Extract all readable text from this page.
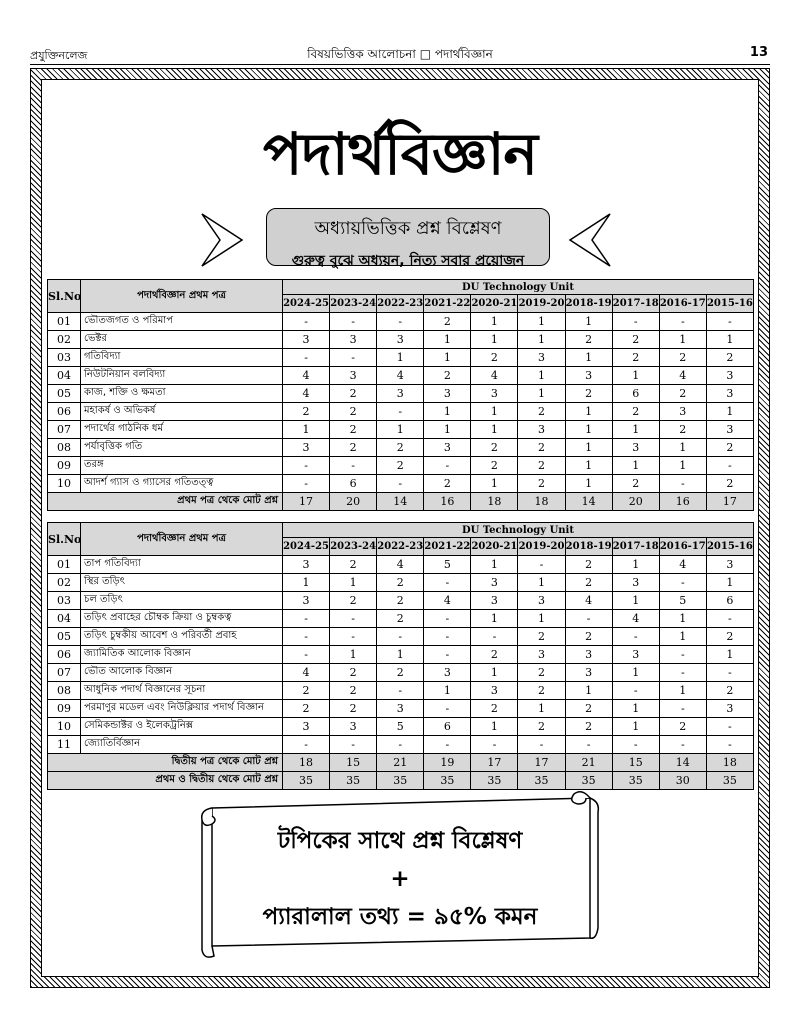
প্রযুক্তিনলেজ	বিষয়ভিত্তিক আলোচনা □ পদার্থবিজ্ঞান	13
পদার্থবিজ্ঞান
অধ্যায়ভিত্তিক প্রশ্ন বিশ্লেষণ
গুরুত্ব বুঝে অধ্যয়ন, নিত্য সবার প্রয়োজন
Sl.No	পদার্থবিজ্ঞান প্রথম পত্র	DU Technology Unit									
		2024-25	2023-24	2022-23	2021-22	2020-21	2019-20	2018-19	2017-18	2016-17	2015-16
01	ভৌতজগত ও পরিমাপ	-	-	-	2	1	1	1	-	-	-
02	ভেক্টর	3	3	3	1	1	1	2	2	1	1
03	গতিবিদ্যা	-	-	1	1	2	3	1	2	2	2
04	নিউটনিয়ান বলবিদ্যা	4	3	4	2	4	1	3	1	4	3
05	কাজ, শক্তি ও ক্ষমতা	4	2	3	3	3	1	2	6	2	3
06	মহাকর্ষ ও অভিকর্ষ	2	2	-	1	1	2	1	2	3	1
07	পদার্থের গাঠনিক ধর্ম	1	2	1	1	1	3	1	1	2	3
08	পর্যাবৃত্তিক গতি	3	2	2	3	2	2	1	3	1	2
09	তরঙ্গ	-	-	2	-	2	2	1	1	1	-
10	আদর্শ গ্যাস ও গ্যাসের গতিতত্ত্ব	-	6	-	2	1	2	1	2	-	2
প্রথম পত্র থেকে মোট প্রশ্ন		17	20	14	16	18	18	14	20	16	17
Sl.No	পদার্থবিজ্ঞান প্রথম পত্র	DU Technology Unit									
		2024-25	2023-24	2022-23	2021-22	2020-21	2019-20	2018-19	2017-18	2016-17	2015-16
01	তাপ গতিবিদ্যা	3	2	4	5	1	-	2	1	4	3
02	স্থির তড়িৎ	1	1	2	-	3	1	2	3	-	1
03	চল তড়িৎ	3	2	2	4	3	3	4	1	5	6
04	তড়িৎ প্রবাহের চৌম্বক ক্রিয়া ও চুম্বকত্ব	-	-	2	-	1	1	-	4	1	-
05	তড়িৎ চুম্বকীয় আবেশ ও পরিবর্তী প্রবাহ	-	-	-	-	-	2	2	-	1	2
06	জ্যামিতিক আলোক বিজ্ঞান	-	1	1	-	2	3	3	3	-	1
07	ভৌত আলোক বিজ্ঞান	4	2	2	3	1	2	3	1	-	-
08	আধুনিক পদার্থ বিজ্ঞানের সূচনা	2	2	-	1	3	2	1	-	1	2
09	পরমাণুর মডেল এবং নিউক্লিয়ার পদার্থ বিজ্ঞান	2	2	3	-	2	1	2	1	-	3
10	সেমিকন্ডাক্টর ও ইলেকট্রনিক্স	3	3	5	6	1	2	2	1	2	-
11	জ্যোতির্বিজ্ঞান	-	-	-	-	-	-	-	-	-	-
দ্বিতীয় পত্র থেকে মোট প্রশ্ন		18	15	21	19	17	17	21	15	14	18
প্রথম ও দ্বিতীয় থেকে মোট প্রশ্ন		35	35	35	35	35	35	35	35	30	35
টপিকের সাথে প্রশ্ন বিশ্লেষণ
+
প্যারালাল তথ্য = ৯৫% কমন
